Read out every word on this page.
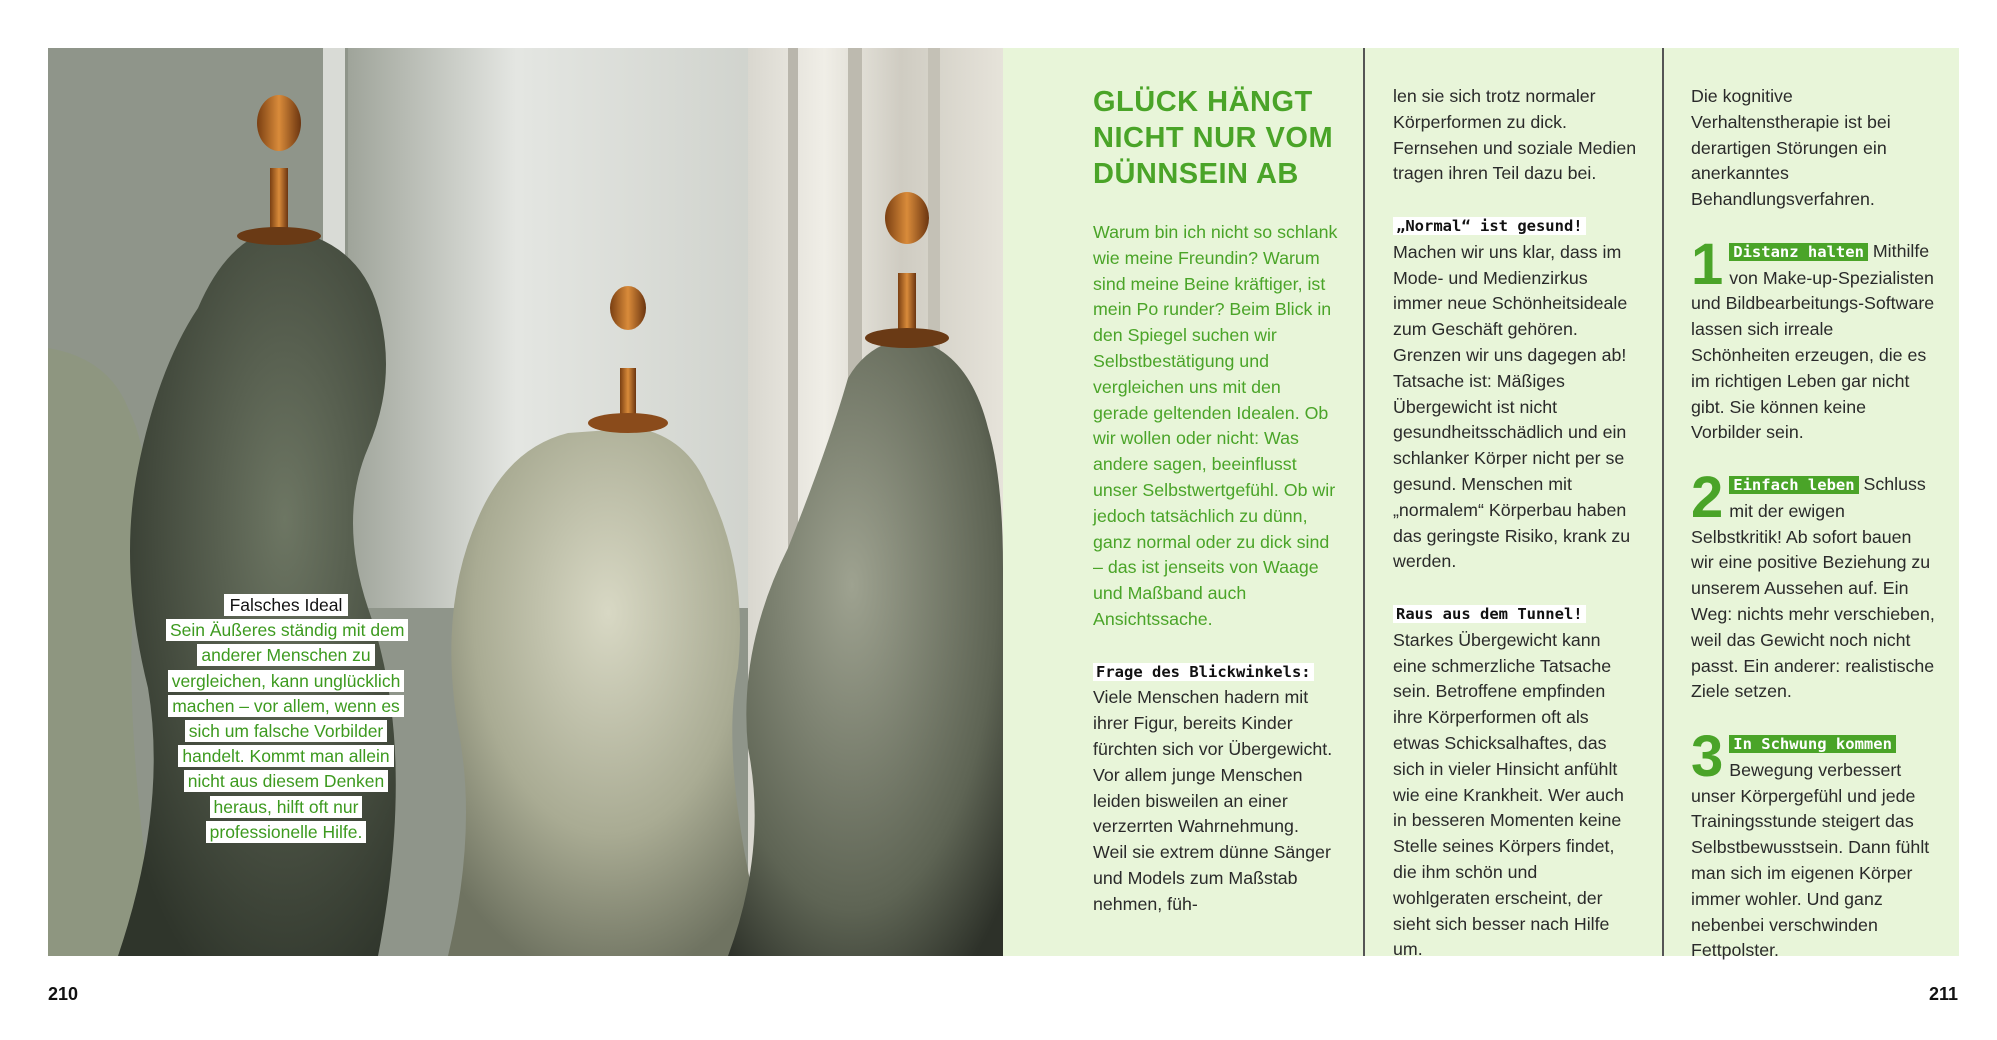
Falsches Ideal
Sein Äußeres ständig mit dem anderer Menschen zu vergleichen, kann unglücklich machen – vor allem, wenn es sich um falsche Vorbilder handelt. Kommt man allein nicht aus diesem Denken heraus, hilft oft nur professionelle Hilfe.
GLÜCK HÄNGT NICHT NUR VOM DÜNNSEIN AB

Warum bin ich nicht so schlank wie meine Freundin? Warum sind meine Beine kräftiger, ist mein Po runder? Beim Blick in den Spiegel suchen wir Selbstbestätigung und vergleichen uns mit den gerade geltenden Idealen. Ob wir wollen oder nicht: Was andere sagen, beeinflusst unser Selbstwertgefühl. Ob wir jedoch tatsächlich zu dünn, ganz normal oder zu dick sind – das ist jenseits von Waage und Maßband auch Ansichtssache.

Frage des Blickwinkels: Viele Menschen hadern mit ihrer Figur, bereits Kinder fürchten sich vor Übergewicht. Vor allem junge Menschen leiden bisweilen an einer verzerrten Wahrnehmung. Weil sie extrem dünne Sänger und Models zum Maßstab nehmen, füh-

len sie sich trotz normaler Körperformen zu dick. Fernsehen und soziale Medien tragen ihren Teil dazu bei.

„Normal“ ist gesund! Machen wir uns klar, dass im Mode- und Medienzirkus immer neue Schönheitsideale zum Geschäft gehören. Grenzen wir uns dagegen ab! Tatsache ist: Mäßiges Übergewicht ist nicht gesundheitsschädlich und ein schlanker Körper nicht per se gesund. Menschen mit „normalem“ Körperbau haben das geringste Risiko, krank zu werden.

Raus aus dem Tunnel! Starkes Übergewicht kann eine schmerzliche Tatsache sein. Betroffene empfinden ihre Körperformen oft als etwas Schicksalhaftes, das sich in vieler Hinsicht anfühlt wie eine Krankheit. Wer auch in besseren Momenten keine Stelle seines Körpers findet, die ihm schön und wohlgeraten erscheint, der sieht sich besser nach Hilfe um.

Die kognitive Verhaltenstherapie ist bei derartigen Störungen ein anerkanntes Behandlungsverfahren.

1 Distanz halten Mithilfe von Make-up-Spezialisten und Bildbearbeitungs-Software lassen sich irreale Schönheiten erzeugen, die es im richtigen Leben gar nicht gibt. Sie können keine Vorbilder sein.

2 Einfach leben Schluss mit der ewigen Selbstkritik! Ab sofort bauen wir eine positive Beziehung zu unserem Aussehen auf. Ein Weg: nichts mehr verschieben, weil das Gewicht noch nicht passt. Ein anderer: realistische Ziele setzen.

3 In Schwung kommen Bewegung verbessert unser Körpergefühl und jede Trainingsstunde steigert das Selbstbewusstsein. Dann fühlt man sich im eigenen Körper immer wohler. Und ganz nebenbei verschwinden Fettpolster.

210	211
